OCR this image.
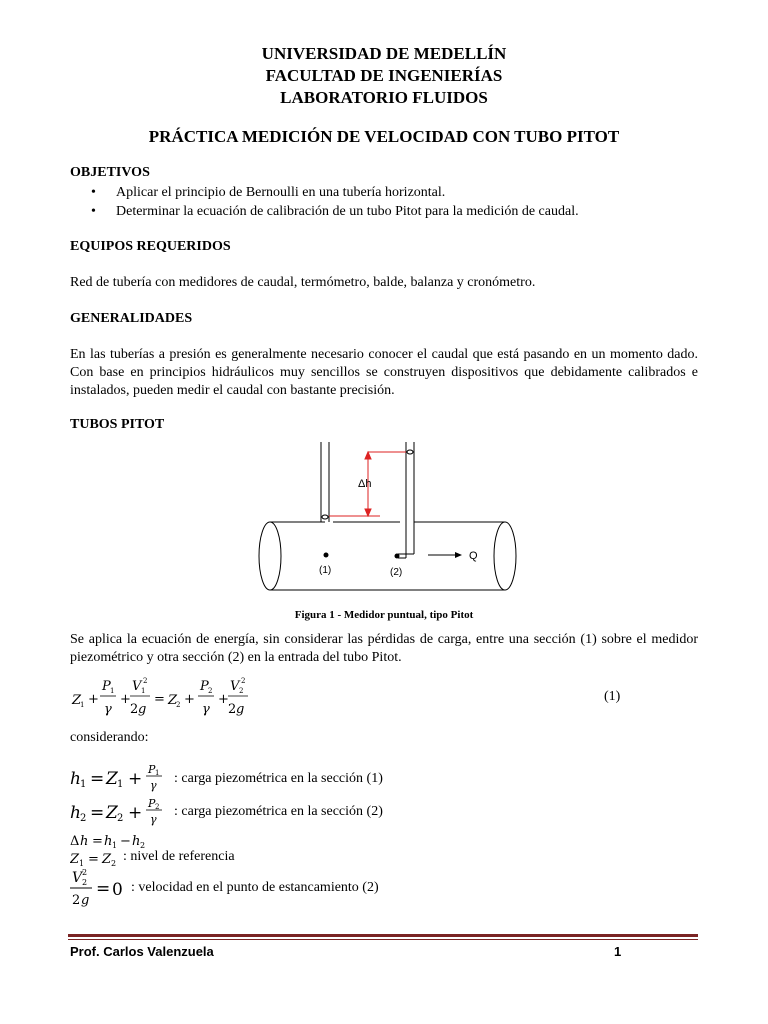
UNIVERSIDAD DE MEDELLÍN
FACULTAD DE INGENIERÍAS
LABORATORIO FLUIDOS
PRÁCTICA MEDICIÓN DE VELOCIDAD CON TUBO PITOT
OBJETIVOS
• Aplicar el principio de Bernoulli en una tubería horizontal.
• Determinar la ecuación de calibración de un tubo Pitot para la medición de caudal.
EQUIPOS REQUERIDOS
Red de tubería con medidores de caudal, termómetro, balde, balanza y cronómetro.
GENERALIDADES
En las tuberías a presión es generalmente necesario conocer el caudal que está pasando en un momento dado. Con base en principios hidráulicos muy sencillos se construyen dispositivos que debidamente calibrados e instalados, pueden medir el caudal con bastante precisión.
TUBOS PITOT
Δh
(1)	(2)
Q
Figura 1 - Medidor puntual, tipo Pitot
Se aplica la ecuación de energía, sin considerar las pérdidas de carga, entre una sección (1) sobre el medidor piezométrico y otra sección (2) en la entrada del tubo Pitot.
Z
1 +
P 1
γ
+
V 1
2
2 g
= Z
2 +
P 2
γ
+
V 2
2
2 g
(1)
considerando:
h 1 = Z 1 + P 1
γ : carga piezométrica en la sección (1)
h 2 = Z 2 + P 2
γ
: carga piezométrica en la sección (2)
Δ h = h 1 − h 2
Z 1 = Z 2 : nivel de referencia
V 2
2
2 g
= 0 : velocidad en el punto de estancamiento (2)
Prof. Carlos Valenzuela	1
